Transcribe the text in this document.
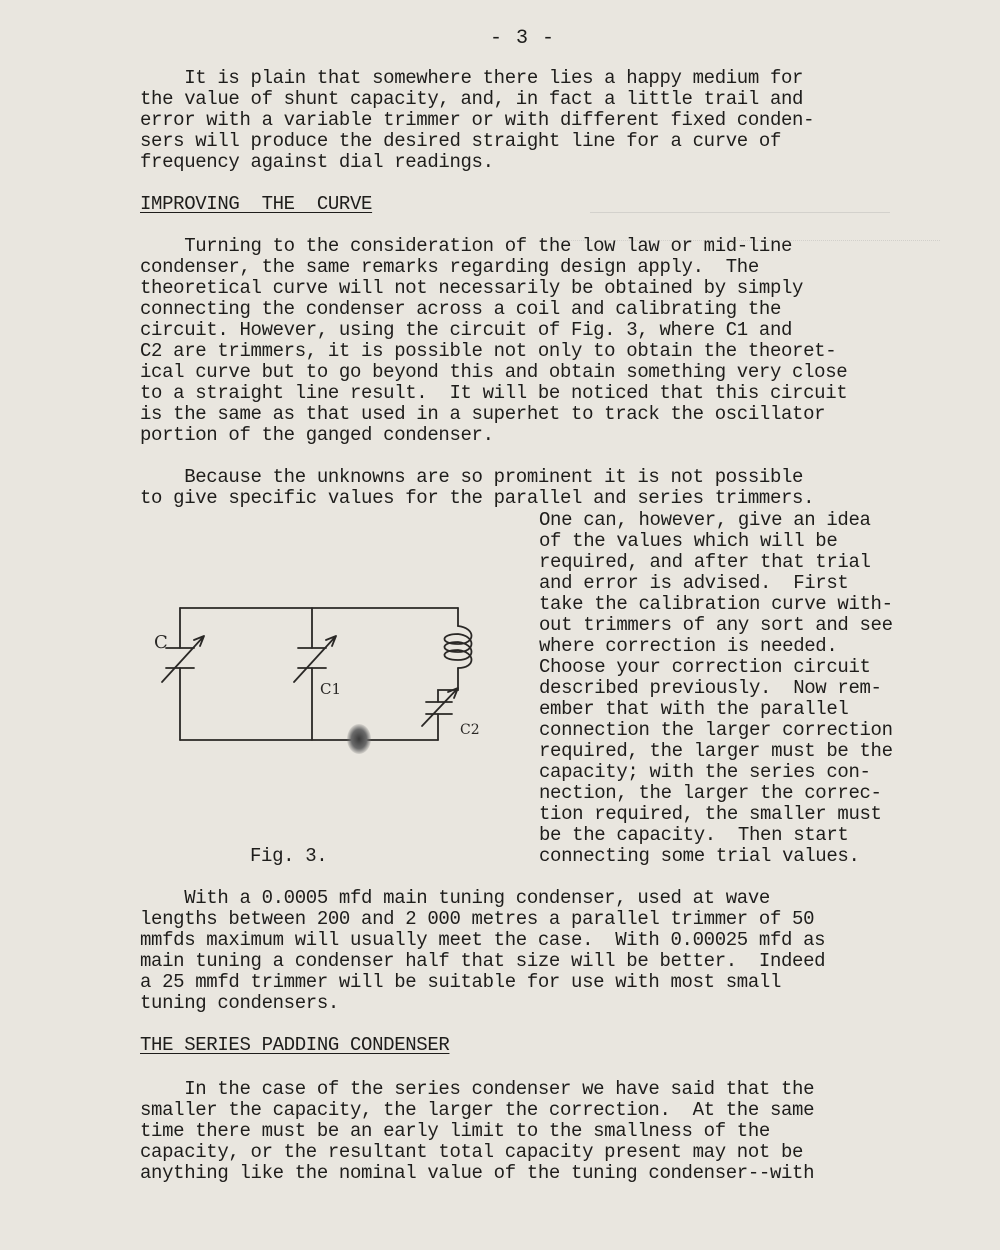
- 3 -

It is plain that somewhere there lies a happy medium for

the value of shunt capacity, and, in fact a little trail and

error with a variable trimmer or with different fixed conden-

sers will produce the desired straight line for a curve of

frequency against dial readings.

IMPROVING  THE  CURVE

Turning to the consideration of the low law or mid-line

condenser, the same remarks regarding design apply.  The

theoretical curve will not necessarily be obtained by simply

connecting the condenser across a coil and calibrating the

circuit. However, using the circuit of Fig. 3, where C1 and

C2 are trimmers, it is possible not only to obtain the theoret-

ical curve but to go beyond this and obtain something very close

to a straight line result.  It will be noticed that this circuit

is the same as that used in a superhet to track the oscillator

portion of the ganged condenser.

Because the unknowns are so prominent it is not possible

to give specific values for the parallel and series trimmers.

One can, however, give an idea

of the values which will be

required, and after that trial

and error is advised.  First

take the calibration curve with-

out trimmers of any sort and see

where correction is needed.

Choose your correction circuit

described previously.  Now rem-

ember that with the parallel

connection the larger correction

required, the larger must be the

capacity; with the series con-

nection, the larger the correc-

tion required, the smaller must

be the capacity.  Then start

connecting some trial values.

C
C1
C2

Fig. 3.

With a 0.0005 mfd main tuning condenser, used at wave

lengths between 200 and 2 000 metres a parallel trimmer of 50

mmfds maximum will usually meet the case.  With 0.00025 mfd as

main tuning a condenser half that size will be better.  Indeed

a 25 mmfd trimmer will be suitable for use with most small

tuning condensers.

THE SERIES PADDING CONDENSER

In the case of the series condenser we have said that the

smaller the capacity, the larger the correction.  At the same

time there must be an early limit to the smallness of the

capacity, or the resultant total capacity present may not be

anything like the nominal value of the tuning condenser--with
